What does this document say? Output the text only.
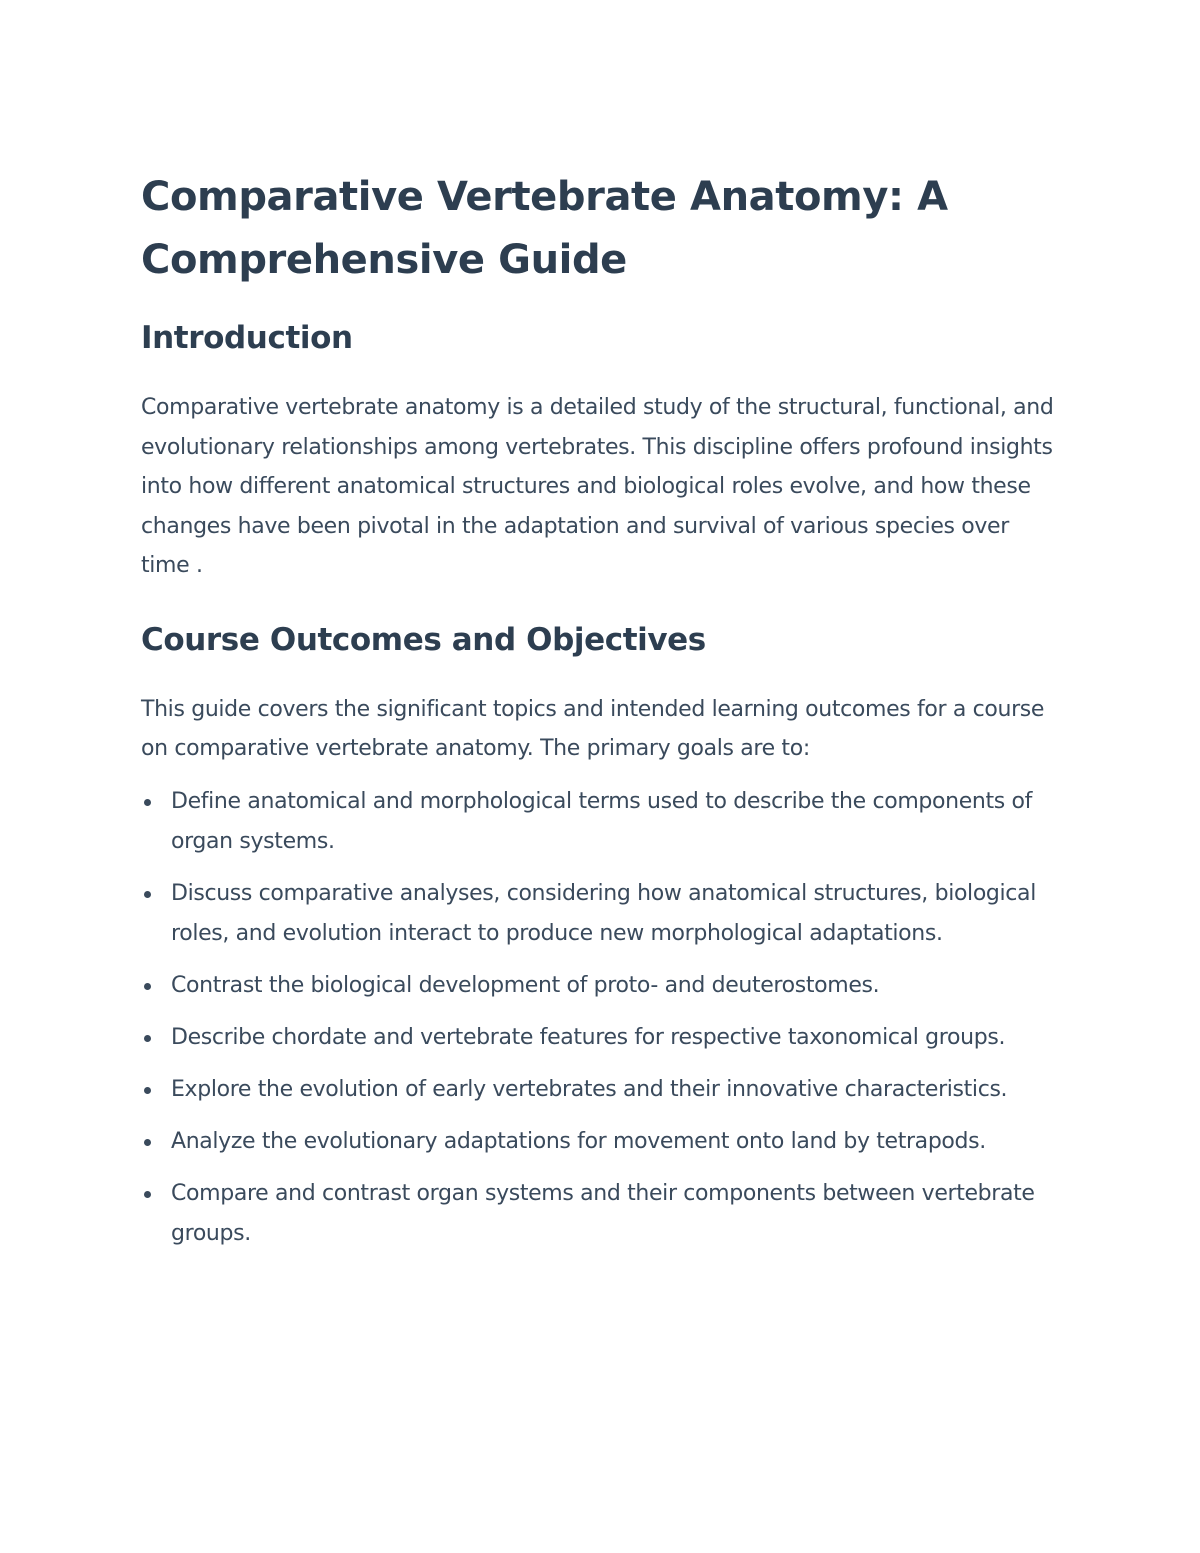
Comparative Vertebrate Anatomy: A Comprehensive Guide
Introduction

Comparative vertebrate anatomy is a detailed study of the structural, functional, and evolutionary relationships among vertebrates. This discipline offers profound insights into how different anatomical structures and biological roles evolve, and how these changes have been pivotal in the adaptation and survival of various species over time .

Course Outcomes and Objectives

This guide covers the significant topics and intended learning outcomes for a course on comparative vertebrate anatomy. The primary goals are to:

Define anatomical and morphological terms used to describe the components of organ systems.
Discuss comparative analyses, considering how anatomical structures, biological roles, and evolution interact to produce new morphological adaptations.
Contrast the biological development of proto- and deuterostomes.
Describe chordate and vertebrate features for respective taxonomical groups.
Explore the evolution of early vertebrates and their innovative characteristics.
Analyze the evolutionary adaptations for movement onto land by tetrapods.
Compare and contrast organ systems and their components between vertebrate groups.
